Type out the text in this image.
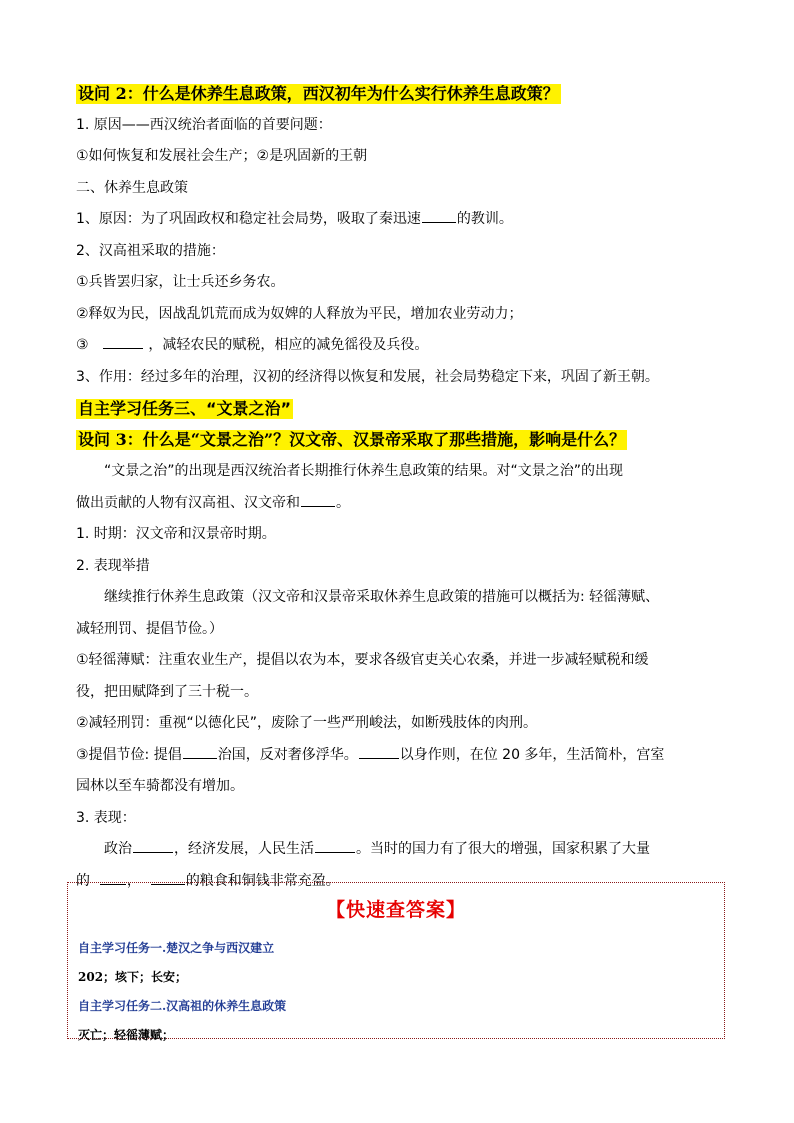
设问 2：什么是休养生息政策，西汉初年为什么实行休养生息政策？

1. 原因——西汉统治者面临的首要问题：

①如何恢复和发展社会生产；②是巩固新的王朝

二、休养生息政策

1、原因：为了巩固政权和稳定社会局势，吸取了秦迅速	的教训。

2、汉高祖采取的措施：

①兵皆罢归家，让士兵还乡务农。

②释奴为民，因战乱饥荒而成为奴婢的人释放为平民，增加农业劳动力；

③	，减轻农民的赋税，相应的减免徭役及兵役。

3、作用：经过多年的治理，汉初的经济得以恢复和发展，社会局势稳定下来，巩固了新王朝。

自主学习任务三、“文景之治”
设问 3：什么是“文景之治”？汉文帝、汉景帝采取了那些措施，影响是什么？

“文景之治”的出现是西汉统治者长期推行休养生息政策的结果。对“文景之治”的出现

做出贡献的人物有汉高祖、汉文帝和	。

1. 时期：汉文帝和汉景帝时期。

2. 表现举措

继续推行休养生息政策（汉文帝和汉景帝采取休养生息政策的措施可以概括为: 轻徭薄赋、

减轻刑罚、提倡节俭。）

①轻徭薄赋：注重农业生产，提倡以农为本，要求各级官吏关心农桑，并进一步减轻赋税和缓

役，把田赋降到了三十税一。

②减轻刑罚：重视“以德化民”，废除了一些严刑峻法，如断残肢体的肉刑。

③提倡节俭: 提倡	治国，反对奢侈浮华。	以身作则，在位 20 多年，生活简朴，宫室

园林以至车骑都没有增加。

3. 表现：

政治	，经济发展，人民生活	。当时的国力有了很大的增强，国家积累了大量

的	，	的粮食和铜钱非常充盈。

【快速查答案】
自主学习任务一.楚汉之争与西汉建立
202；垓下；长安；
自主学习任务二.汉高祖的休养生息政策
灭亡；轻徭薄赋；
